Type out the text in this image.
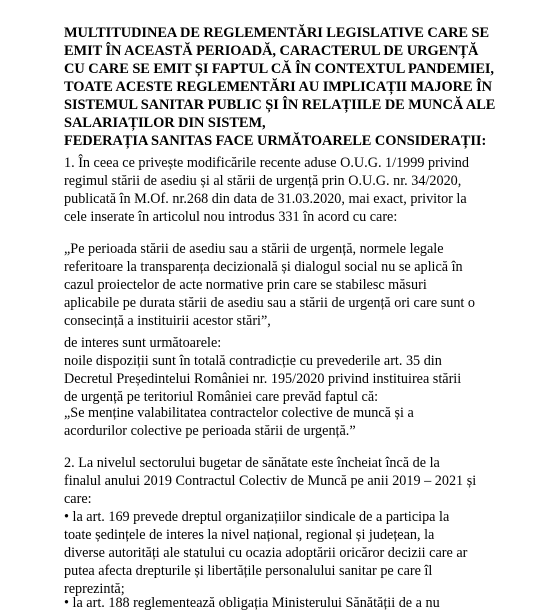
MULTITUDINEA DE REGLEMENTĂRI LEGISLATIVE CARE SE
EMIT ÎN ACEASTĂ PERIOADĂ, CARACTERUL DE URGENȚĂ
CU CARE SE EMIT ȘI FAPTUL CĂ ÎN CONTEXTUL PANDEMIEI,
TOATE ACESTE REGLEMENTĂRI AU IMPLICAȚII MAJORE ÎN
SISTEMUL SANITAR PUBLIC ȘI ÎN RELAȚIILE DE MUNCĂ ALE
SALARIAȚILOR DIN SISTEM,
FEDERAȚIA SANITAS FACE URMĂTOARELE CONSIDERAȚII:
1. În ceea ce privește modificările recente aduse O.U.G. 1/1999 privind
regimul stării de asediu și al stării de urgență prin O.U.G. nr. 34/2020,
publicată în M.Of. nr.268 din data de 31.03.2020, mai exact, privitor la
cele inserate în articolul nou introdus 331 în acord cu care:
„Pe perioada stării de asediu sau a stării de urgență, normele legale
referitoare la transparența decizională și dialogul social nu se aplică în
cazul proiectelor de acte normative prin care se stabilesc măsuri
aplicabile pe durata stării de asediu sau a stării de urgență ori care sunt o
consecință a instituirii acestor stări”,
de interes sunt următoarele:
noile dispoziții sunt în totală contradicție cu prevederile art. 35 din
Decretul Președintelui României nr. 195/2020 privind instituirea stării
de urgență pe teritoriul României care prevăd faptul că:
„Se menține valabilitatea contractelor colective de muncă și a
acordurilor colective pe perioada stării de urgență.”
2. La nivelul sectorului bugetar de sănătate este încheiat încă de la
finalul anului 2019 Contractul Colectiv de Muncă pe anii 2019 – 2021 și
care:
• la art. 169 prevede dreptul organizațiilor sindicale de a participa la
toate ședințele de interes la nivel național, regional și județean, la
diverse autorități ale statului cu ocazia adoptării oricăror decizii care ar
putea afecta drepturile și libertățile personalului sanitar pe care îl
reprezintă;
• la art. 188 reglementează obligația Ministerului Sănătății de a nu
